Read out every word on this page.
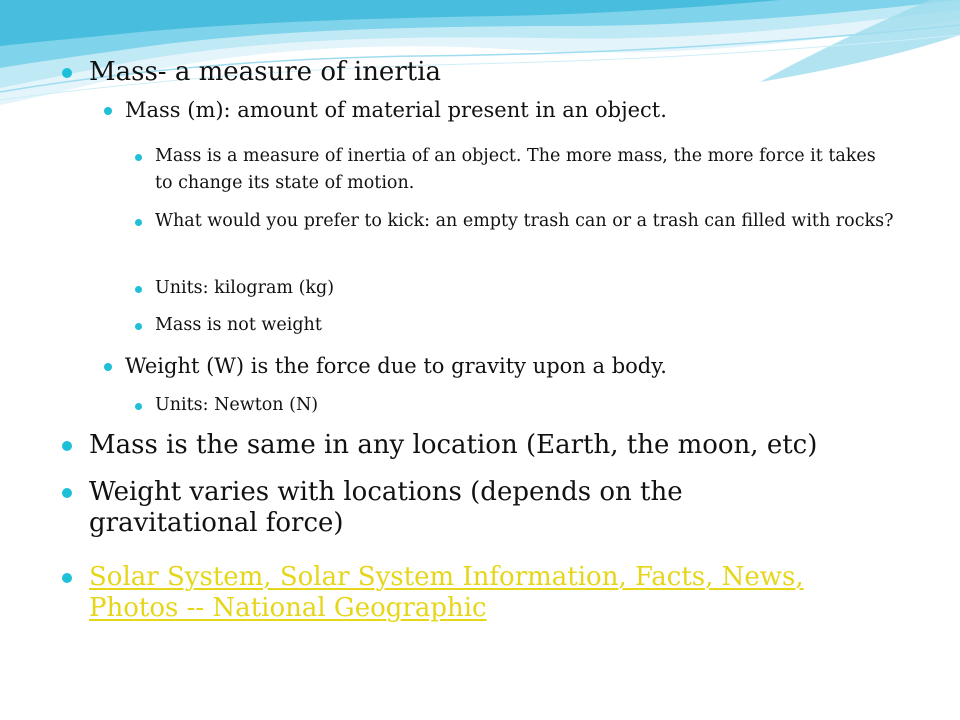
Mass- a measure of inertia
Mass (m): amount of material present in an object.
Mass is a measure of inertia of an object. The more mass, the more force it takes to change its state of motion.
What would you prefer to kick: an empty trash can or a trash can filled with rocks?
Units: kilogram (kg)
Mass is not weight
Weight (W) is the force due to gravity upon a body.
Units: Newton (N)
Mass is the same in any location (Earth, the moon, etc)
Weight varies with locations (depends on the gravitational force)
Solar System, Solar System Information, Facts, News, Photos -- National Geographic
